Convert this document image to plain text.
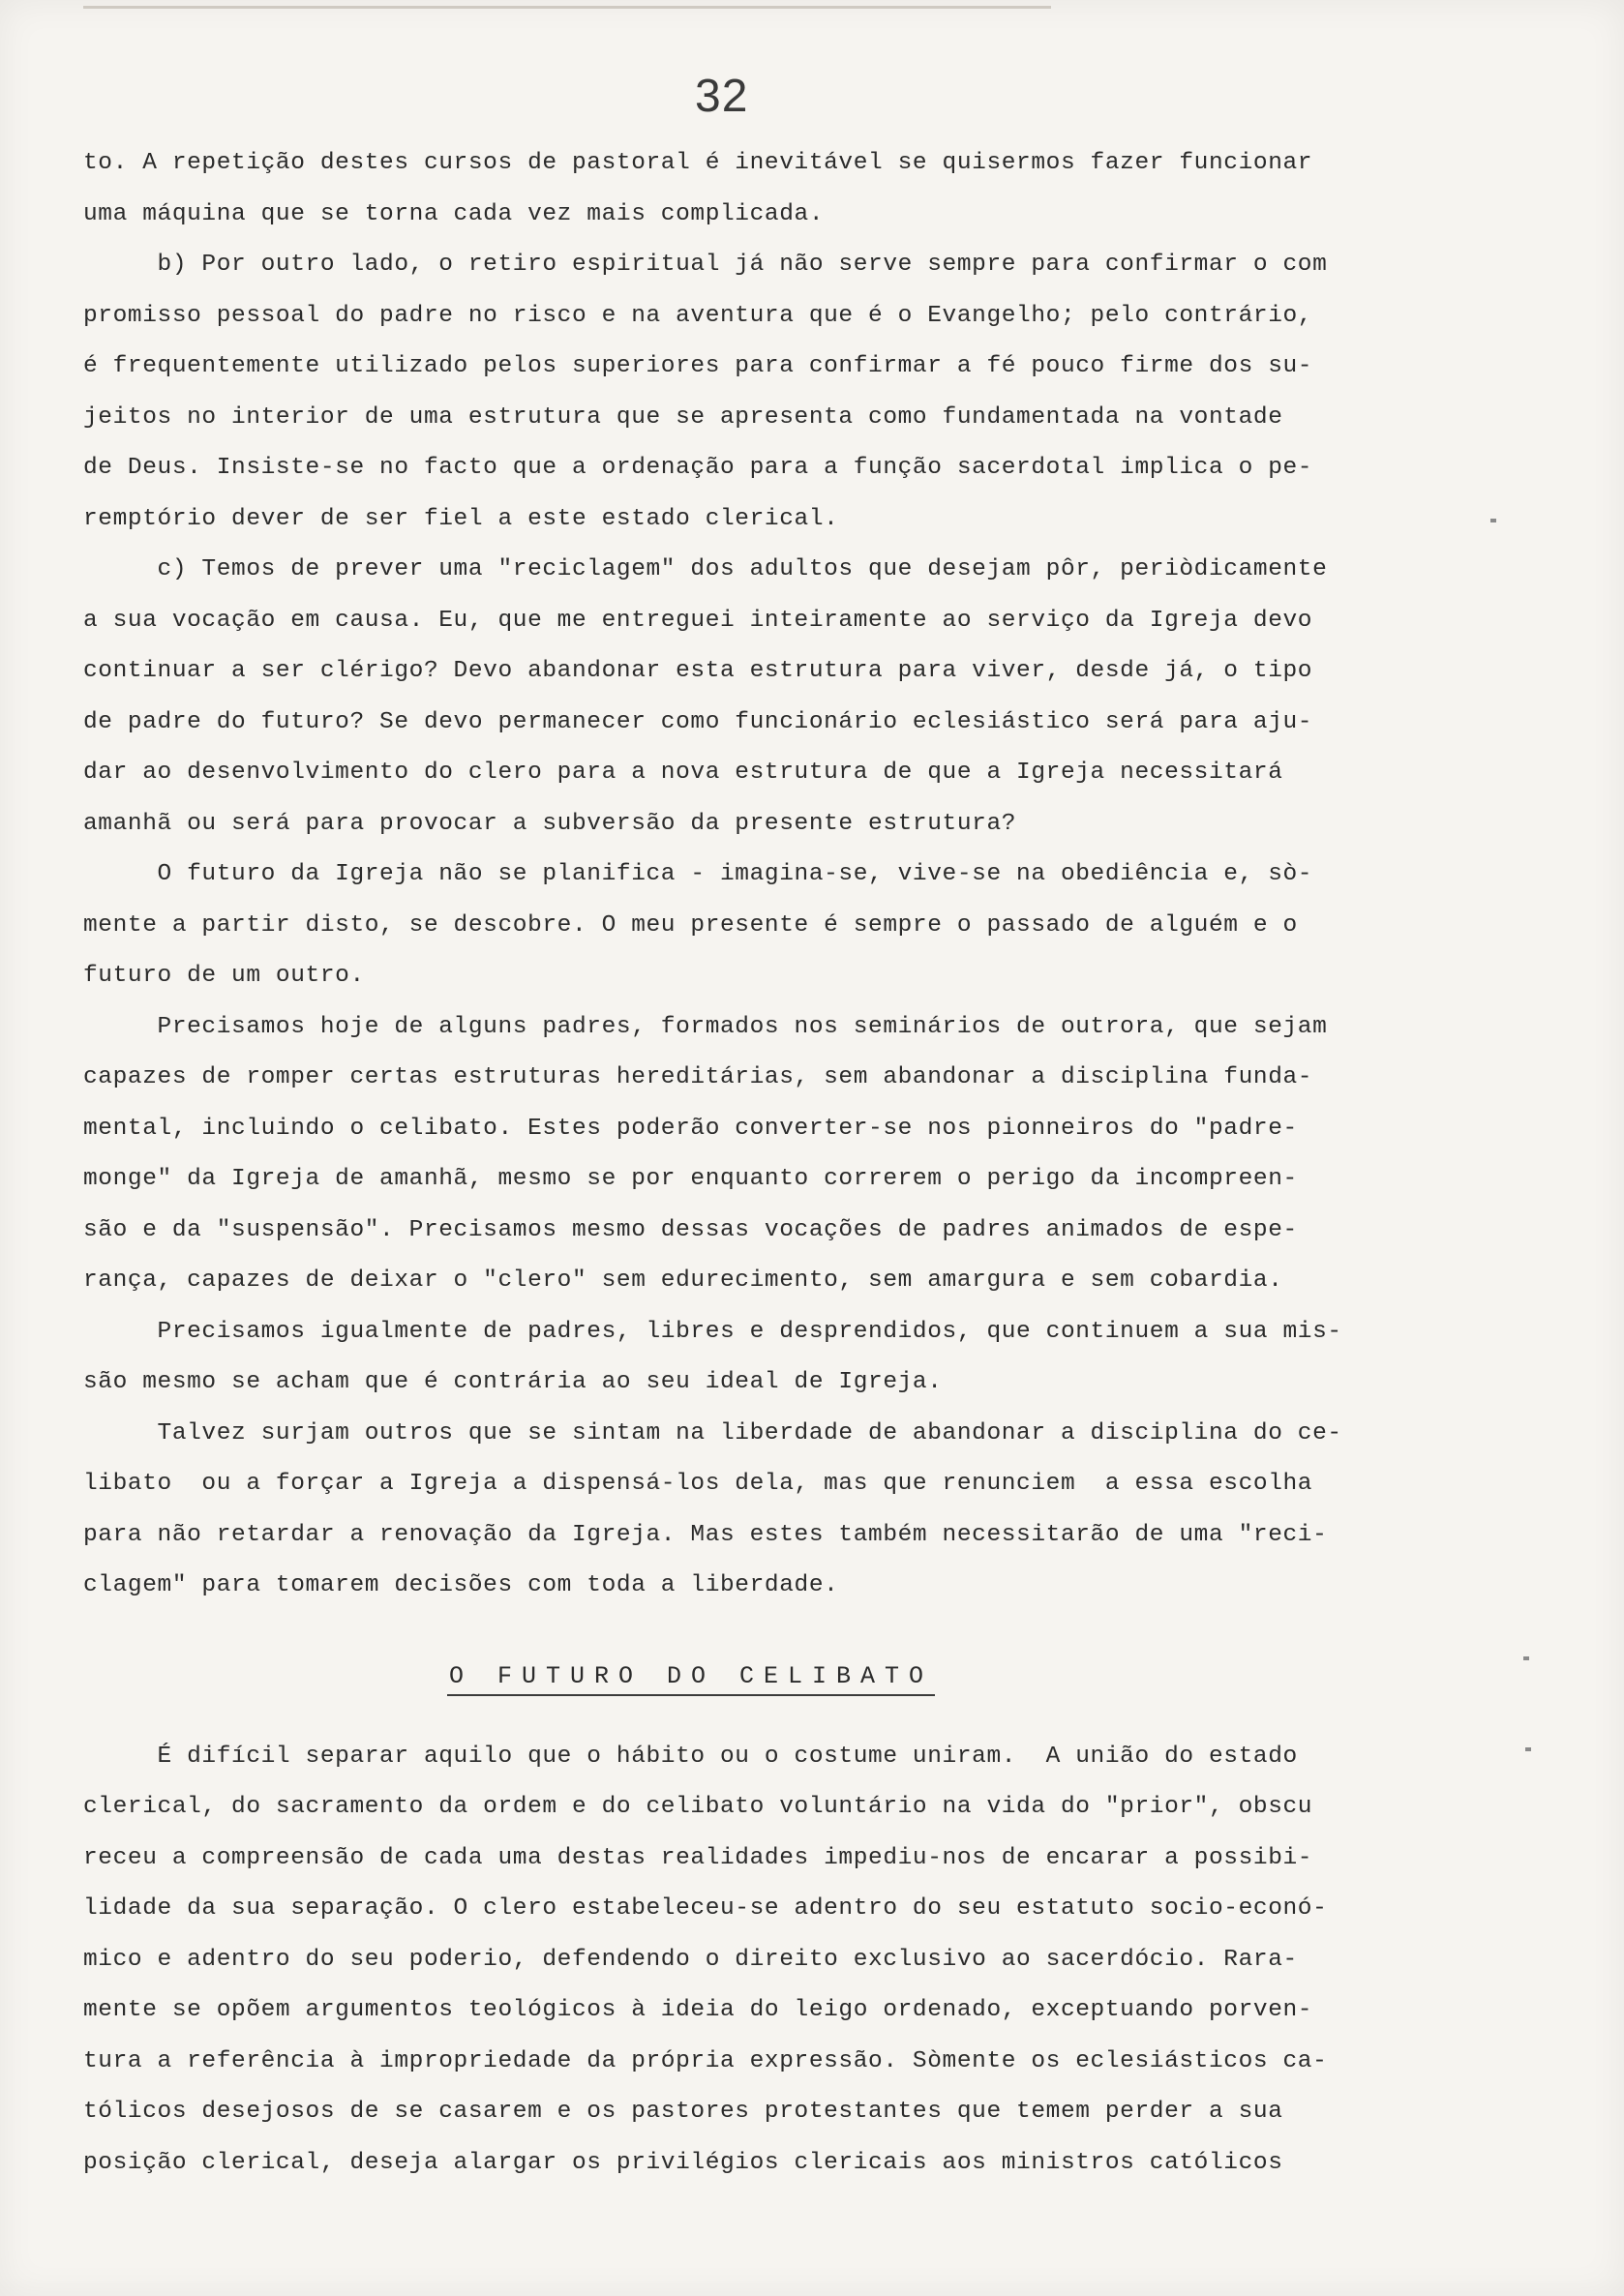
32
to. A repetição destes cursos de pastoral é inevitável se quisermos fazer funcionar
uma máquina que se torna cada vez mais complicada.
b) Por outro lado, o retiro espiritual já não serve sempre para confirmar o com
promisso pessoal do padre no risco e na aventura que é o Evangelho; pelo contrário,
é frequentemente utilizado pelos superiores para confirmar a fé pouco firme dos su-
jeitos no interior de uma estrutura que se apresenta como fundamentada na vontade
de Deus. Insiste-se no facto que a ordenação para a função sacerdotal implica o pe-
remptório dever de ser fiel a este estado clerical.
c) Temos de prever uma "reciclagem" dos adultos que desejam pôr, periòdicamente
a sua vocação em causa. Eu, que me entreguei inteiramente ao serviço da Igreja devo
continuar a ser clérigo? Devo abandonar esta estrutura para viver, desde já, o tipo
de padre do futuro? Se devo permanecer como funcionário eclesiástico será para aju-
dar ao desenvolvimento do clero para a nova estrutura de que a Igreja necessitará
amanhã ou será para provocar a subversão da presente estrutura?
O futuro da Igreja não se planifica - imagina-se, vive-se na obediência e, sò-
mente a partir disto, se descobre. O meu presente é sempre o passado de alguém e o
futuro de um outro.
Precisamos hoje de alguns padres, formados nos seminários de outrora, que sejam
capazes de romper certas estruturas hereditárias, sem abandonar a disciplina funda-
mental, incluindo o celibato. Estes poderão converter-se nos pionneiros do "padre-
monge" da Igreja de amanhã, mesmo se por enquanto correrem o perigo da incompreen-
são e da "suspensão". Precisamos mesmo dessas vocações de padres animados de espe-
rança, capazes de deixar o "clero" sem edurecimento, sem amargura e sem cobardia.
Precisamos igualmente de padres, libres e desprendidos, que continuem a sua mis-
são mesmo se acham que é contrária ao seu ideal de Igreja.
Talvez surjam outros que se sintam na liberdade de abandonar a disciplina do ce-
libato  ou a forçar a Igreja a dispensá-los dela, mas que renunciem  a essa escolha
para não retardar a renovação da Igreja. Mas estes também necessitarão de uma "reci-
clagem" para tomarem decisões com toda a liberdade.
O FUTURO DO CELIBATO
É difícil separar aquilo que o hábito ou o costume uniram.  A união do estado
clerical, do sacramento da ordem e do celibato voluntário na vida do "prior", obscu
receu a compreensão de cada uma destas realidades impediu-nos de encarar a possibi-
lidade da sua separação. O clero estabeleceu-se adentro do seu estatuto socio-econó-
mico e adentro do seu poderio, defendendo o direito exclusivo ao sacerdócio. Rara-
mente se opõem argumentos teológicos à ideia do leigo ordenado, exceptuando porven-
tura a referência à impropriedade da própria expressão. Sòmente os eclesiásticos ca-
tólicos desejosos de se casarem e os pastores protestantes que temem perder a sua
posição clerical, deseja alargar os privilégios clericais aos ministros católicos
